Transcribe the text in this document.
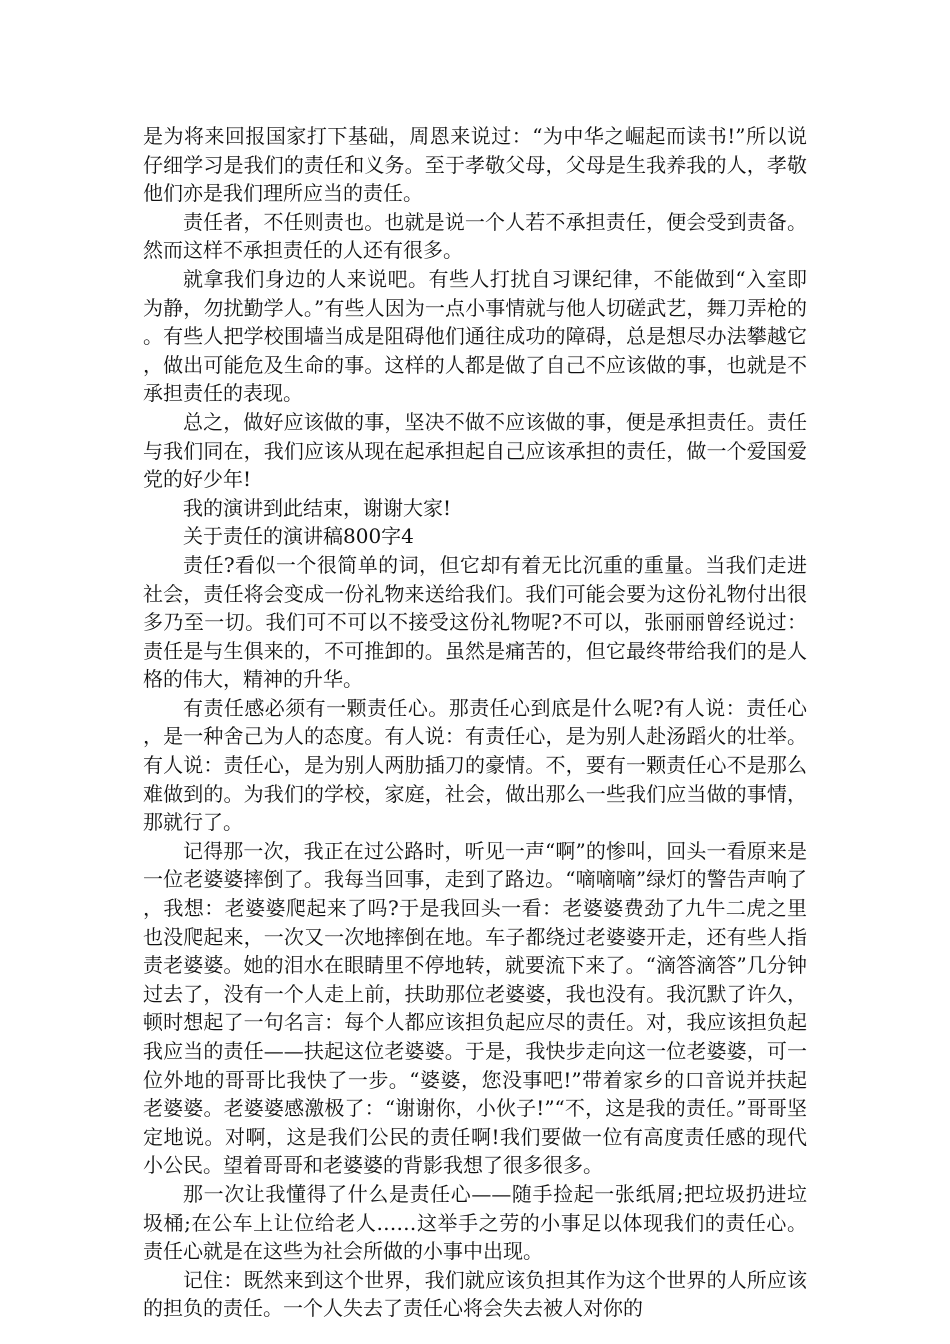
是为将来回报国家打下基础，周恩来说过：“为中华之崛起而读书!”所以说仔细学习是我们的责任和义务。至于孝敬父母，父母是生我养我的人，孝敬他们亦是我们理所应当的责任。

责任者，不任则责也。也就是说一个人若不承担责任，便会受到责备。然而这样不承担责任的人还有很多。

就拿我们身边的人来说吧。有些人打扰自习课纪律，不能做到“入室即为静，勿扰勤学人。”有些人因为一点小事情就与他人切磋武艺，舞刀弄枪的。有些人把学校围墙当成是阻碍他们通往成功的障碍，总是想尽办法攀越它，做出可能危及生命的事。这样的人都是做了自己不应该做的事，也就是不承担责任的表现。

总之，做好应该做的事，坚决不做不应该做的事，便是承担责任。责任与我们同在，我们应该从现在起承担起自己应该承担的责任，做一个爱国爱党的好少年!

我的演讲到此结束，谢谢大家!

关于责任的演讲稿800字4

责任?看似一个很简单的词，但它却有着无比沉重的重量。当我们走进社会，责任将会变成一份礼物来送给我们。我们可能会要为这份礼物付出很多乃至一切。我们可不可以不接受这份礼物呢?不可以，张丽丽曾经说过：责任是与生俱来的，不可推卸的。虽然是痛苦的，但它最终带给我们的是人格的伟大，精神的升华。

有责任感必须有一颗责任心。那责任心到底是什么呢?有人说：责任心，是一种舍己为人的态度。有人说：有责任心，是为别人赴汤蹈火的壮举。有人说：责任心，是为别人两肋插刀的豪情。不，要有一颗责任心不是那么难做到的。为我们的学校，家庭，社会，做出那么一些我们应当做的事情，那就行了。

记得那一次，我正在过公路时，听见一声“啊”的惨叫，回头一看原来是一位老婆婆摔倒了。我每当回事，走到了路边。“嘀嘀嘀”绿灯的警告声响了，我想：老婆婆爬起来了吗?于是我回头一看：老婆婆费劲了九牛二虎之里也没爬起来，一次又一次地摔倒在地。车子都绕过老婆婆开走，还有些人指责老婆婆。她的泪水在眼睛里不停地转，就要流下来了。“滴答滴答”几分钟过去了，没有一个人走上前，扶助那位老婆婆，我也没有。我沉默了许久，顿时想起了一句名言：每个人都应该担负起应尽的责任。对，我应该担负起我应当的责任——扶起这位老婆婆。于是，我快步走向这一位老婆婆，可一位外地的哥哥比我快了一步。“婆婆，您没事吧!”带着家乡的口音说并扶起老婆婆。老婆婆感激极了：“谢谢你，小伙子!”“不，这是我的责任。”哥哥坚定地说。对啊，这是我们公民的责任啊!我们要做一位有高度责任感的现代小公民。望着哥哥和老婆婆的背影我想了很多很多。

那一次让我懂得了什么是责任心——随手捡起一张纸屑;把垃圾扔进垃圾桶;在公车上让位给老人……这举手之劳的小事足以体现我们的责任心。责任心就是在这些为社会所做的小事中出现。

记住：既然来到这个世界，我们就应该负担其作为这个世界的人所应该的担负的责任。一个人失去了责任心将会失去被人对你的
